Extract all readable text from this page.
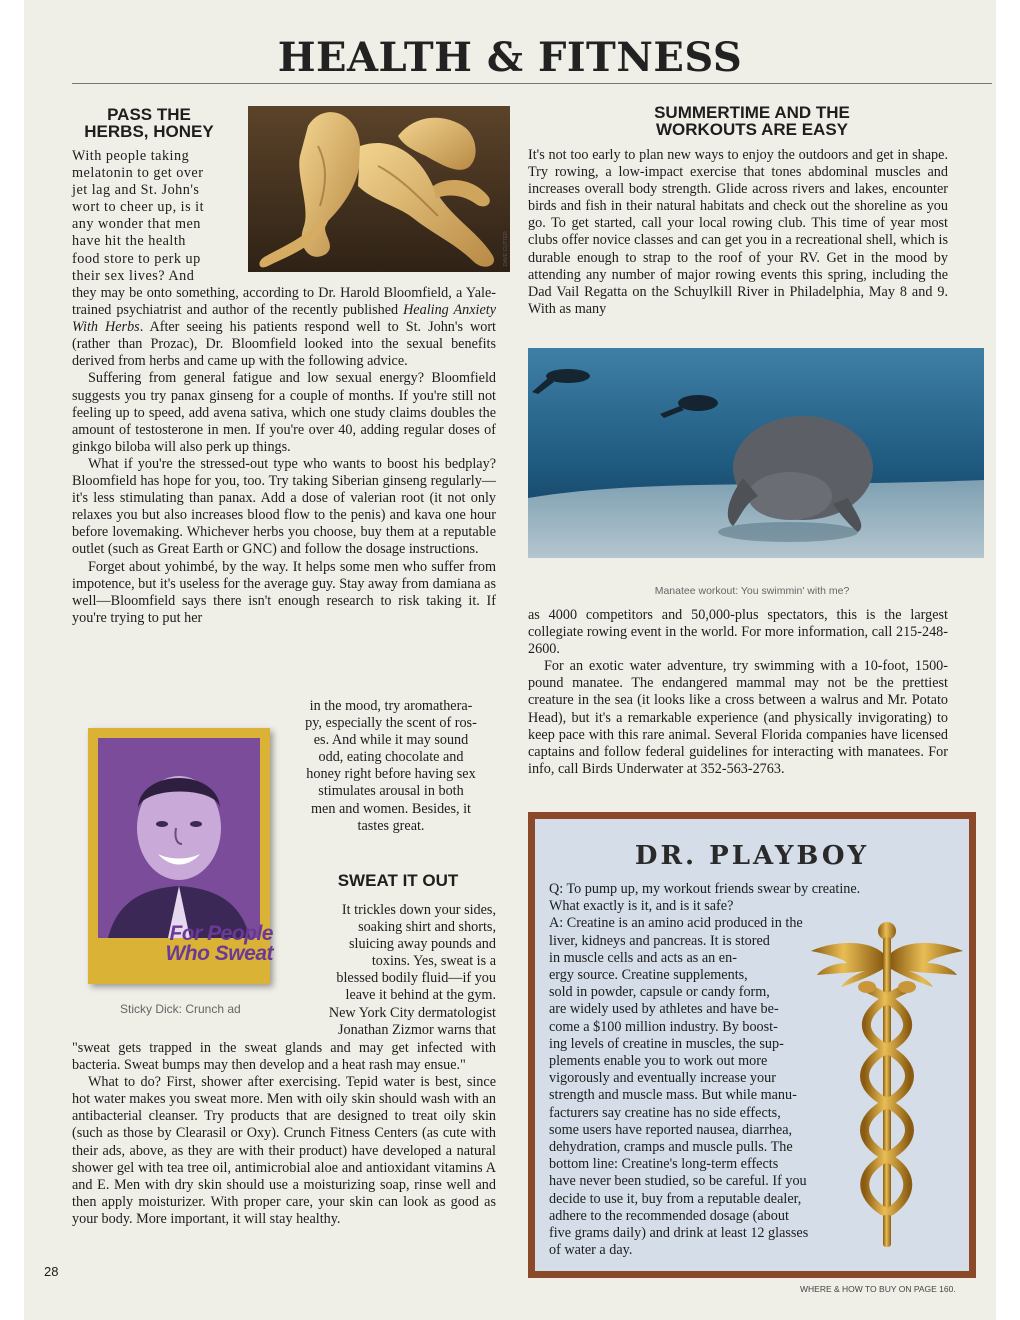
HEALTH & FITNESS
PASS THE
HERBS, HONEY
DAVE CUTTER
With people taking
melatonin to get over
jet lag and St. John's
wort to cheer up, is it
any wonder that men
have hit the health
food store to perk up
their sex lives? And

they may be onto something, according to Dr. Harold Bloomfield, a Yale-trained psychiatrist and author of the recently published Healing Anxiety With Herbs. After seeing his patients respond well to St. John's wort (rather than Prozac), Dr. Bloomfield looked into the sexual benefits derived from herbs and came up with the following advice.

Suffering from general fatigue and low sexual energy? Bloomfield suggests you try panax ginseng for a couple of months. If you're still not feeling up to speed, add avena sativa, which one study claims doubles the amount of testosterone in men. If you're over 40, adding regular doses of ginkgo biloba will also perk up things.

What if you're the stressed-out type who wants to boost his bedplay? Bloomfield has hope for you, too. Try taking Siberian ginseng regularly—it's less stimulating than panax. Add a dose of valerian root (it not only relaxes you but also increases blood flow to the penis) and kava one hour before lovemaking. Whichever herbs you choose, buy them at a reputable outlet (such as Great Earth or GNC) and follow the dosage instructions.

Forget about yohimbé, by the way. It helps some men who suffer from impotence, but it's useless for the average guy. Stay away from damiana as well—Bloomfield says there isn't enough research to risk taking it. If you're trying to put her

in the mood, try aromathera-
py, especially the scent of ros-
es. And while it may sound
odd, eating chocolate and
honey right before having sex
stimulates arousal in both
men and women. Besides, it
tastes great.
For People
Who Sweat
Sticky Dick: Crunch ad
SWEAT IT OUT
It trickles down your sides,
soaking shirt and shorts,
sluicing away pounds and
toxins. Yes, sweat is a
blessed bodily fluid—if you
leave it behind at the gym.
New York City dermatologist
Jonathan Zizmor warns that

"sweat gets trapped in the sweat glands and may get infected with bacteria. Sweat bumps may then develop and a heat rash may ensue."

What to do? First, shower after exercising. Tepid water is best, since hot water makes you sweat more. Men with oily skin should wash with an antibacterial cleanser. Try products that are designed to treat oily skin (such as those by Clearasil or Oxy). Crunch Fitness Centers (as cute with their ads, above, as they are with their product) have developed a natural shower gel with tea tree oil, antimicrobial aloe and antioxidant vitamins A and E. Men with dry skin should use a moisturizing soap, rinse well and then apply moisturizer. With proper care, your skin can look as good as your body. More important, it will stay healthy.

SUMMERTIME AND THE
WORKOUTS ARE EASY

It's not too early to plan new ways to enjoy the outdoors and get in shape. Try rowing, a low-impact exercise that tones abdominal muscles and increases overall body strength. Glide across rivers and lakes, encounter birds and fish in their natural habitats and check out the shoreline as you go. To get started, call your local rowing club. This time of year most clubs offer novice classes and can get you in a recreational shell, which is durable enough to strap to the roof of your RV. Get in the mood by attending any number of major rowing events this spring, including the Dad Vail Regatta on the Schuylkill River in Philadelphia, May 8 and 9. With as many

Manatee workout: You swimmin' with me?

as 4000 competitors and 50,000-plus spectators, this is the largest collegiate rowing event in the world. For more information, call 215-248-2600.

For an exotic water adventure, try swimming with a 10-foot, 1500-pound manatee. The endangered mammal may not be the prettiest creature in the sea (it looks like a cross between a walrus and Mr. Potato Head), but it's a remarkable experience (and physically invigorating) to keep pace with this rare animal. Several Florida companies have licensed captains and follow federal guidelines for interacting with manatees. For info, call Birds Underwater at 352-563-2763.

DR. PLAYBOY
Q: To pump up, my workout friends swear by creatine.
What exactly is it, and is it safe?
A: Creatine is an amino acid produced in the
liver, kidneys and pancreas. It is stored
in muscle cells and acts as an en-
ergy source. Creatine supplements,
sold in powder, capsule or candy form,
are widely used by athletes and have be-
come a $100 million industry. By boost-
ing levels of creatine in muscles, the sup-
plements enable you to work out more
vigorously and eventually increase your
strength and muscle mass. But while manu-
facturers say creatine has no side effects,
some users have reported nausea, diarrhea,
dehydration, cramps and muscle pulls. The
bottom line: Creatine's long-term effects
have never been studied, so be careful. If you
decide to use it, buy from a reputable dealer,
adhere to the recommended dosage (about
five grams daily) and drink at least 12 glasses
of water a day.
28
WHERE & HOW TO BUY ON PAGE 160.
